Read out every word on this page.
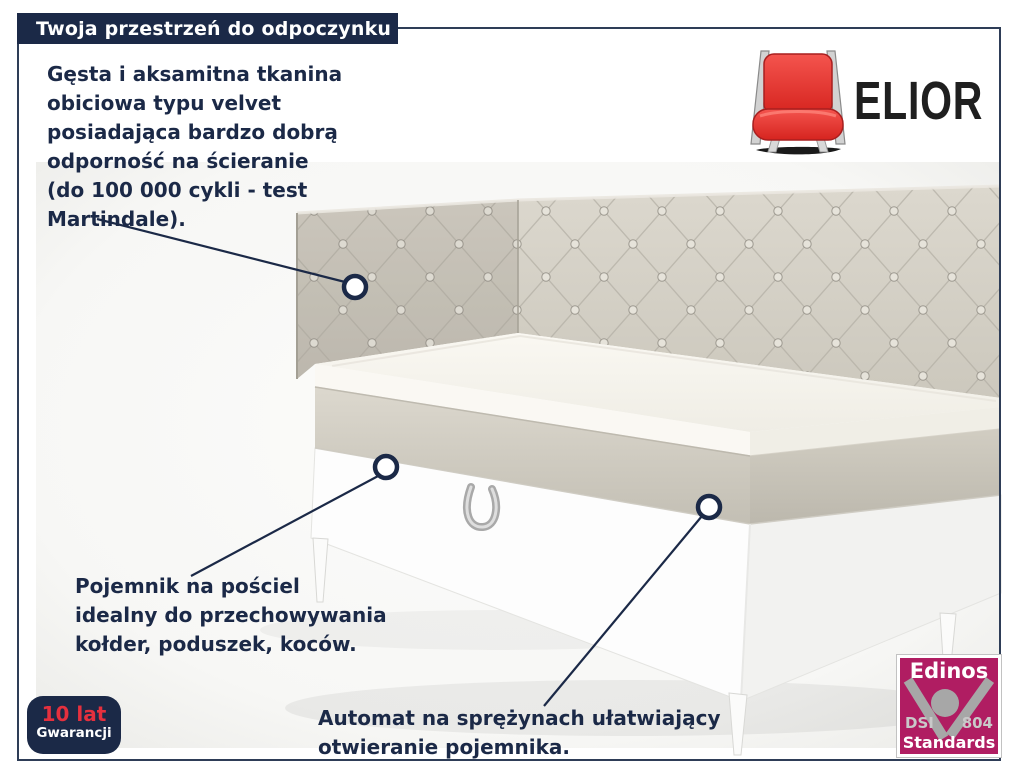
Twoja przestrzeń do odpoczynku
Gęsta i aksamitna tkanina
obiciowa typu velvet
posiadająca bardzo dobrą
odporność na ścieranie
(do 100 000 cykli - test
Martindale).
Pojemnik na pościel
idealny do przechowywania
kołder, poduszek, koców.
Automat na sprężynach ułatwiający
otwieranie pojemnika.
ELIOR
10 lat
Gwarancji
Edinos
DSI 804
Standards
